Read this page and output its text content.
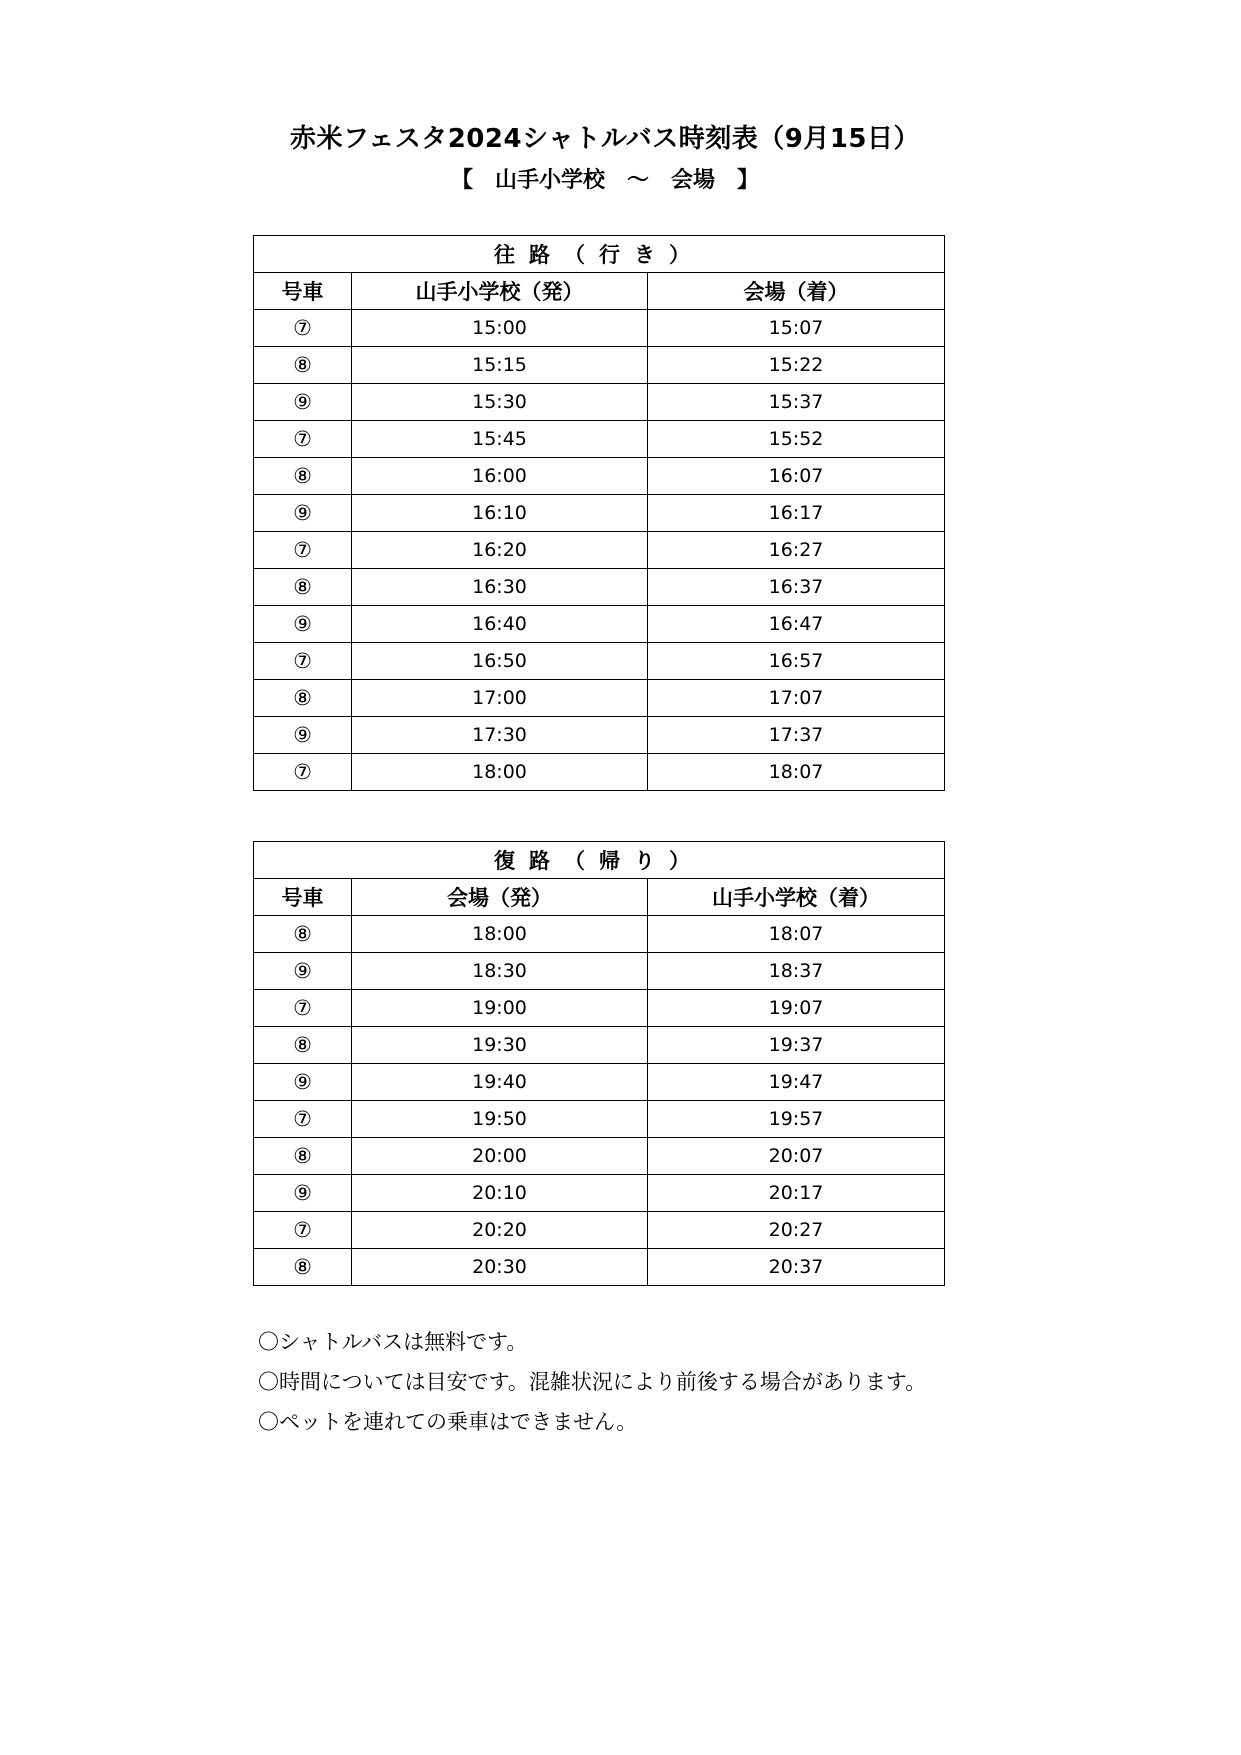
赤米フェスタ2024シャトルバス時刻表（9月15日）
【　山手小学校　～　会場　】
往路（行き）		
号車	山手小学校（発）	会場（着）
⑦	15:00	15:07
⑧	15:15	15:22
⑨	15:30	15:37
⑦	15:45	15:52
⑧	16:00	16:07
⑨	16:10	16:17
⑦	16:20	16:27
⑧	16:30	16:37
⑨	16:40	16:47
⑦	16:50	16:57
⑧	17:00	17:07
⑨	17:30	17:37
⑦	18:00	18:07
復路（帰り）		
号車	会場（発）	山手小学校（着）
⑧	18:00	18:07
⑨	18:30	18:37
⑦	19:00	19:07
⑧	19:30	19:37
⑨	19:40	19:47
⑦	19:50	19:57
⑧	20:00	20:07
⑨	20:10	20:17
⑦	20:20	20:27
⑧	20:30	20:37
〇シャトルバスは無料です。
〇時間については目安です。混雑状況により前後する場合があります。
〇ペットを連れての乗車はできません。
